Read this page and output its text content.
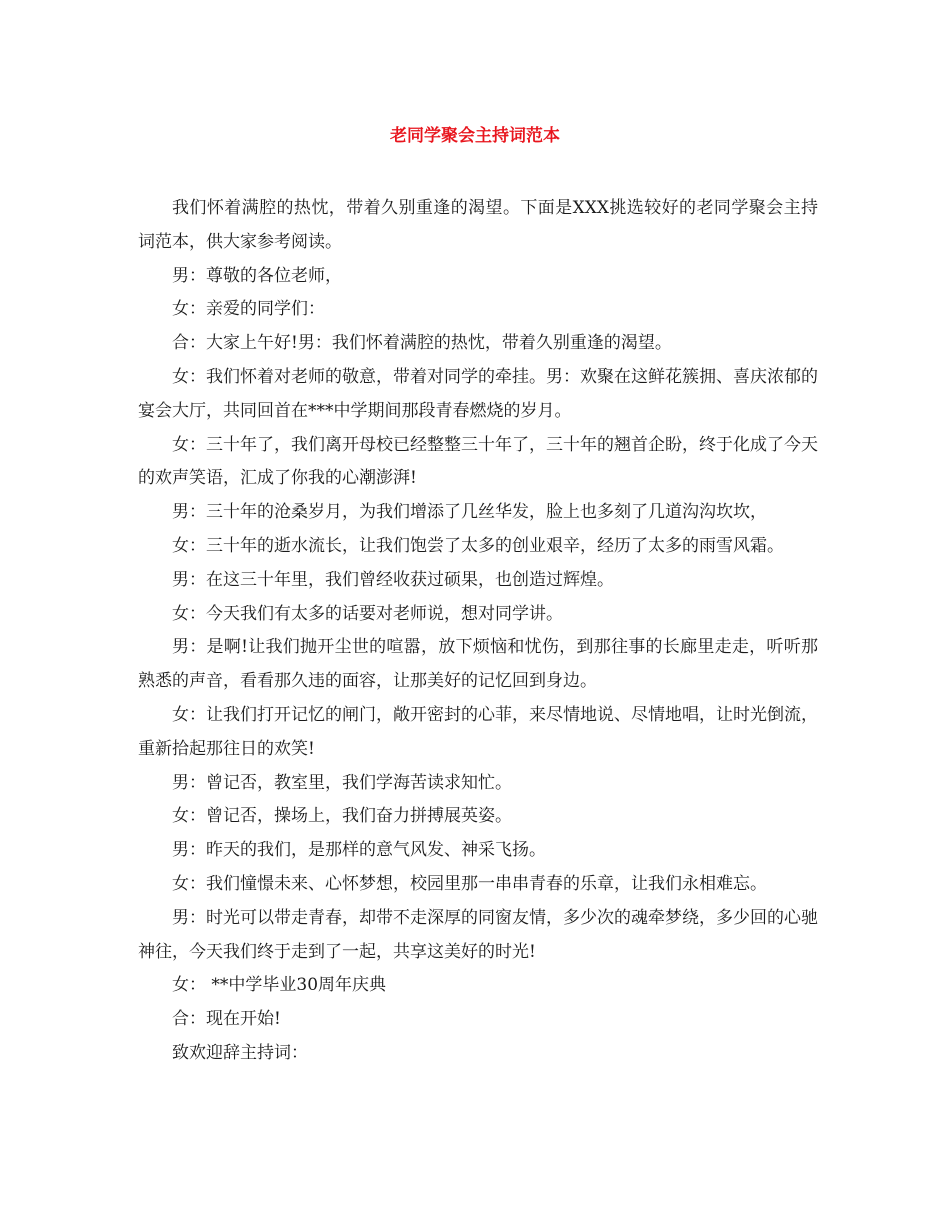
老同学聚会主持词范本

我们怀着满腔的热忱，带着久别重逢的渴望。下面是XXX挑选较好的老同学聚会主持词范本，供大家参考阅读。

男：尊敬的各位老师，

女：亲爱的同学们：

合：大家上午好!男：我们怀着满腔的热忱，带着久别重逢的渴望。

女：我们怀着对老师的敬意，带着对同学的牵挂。男：欢聚在这鲜花簇拥、喜庆浓郁的宴会大厅，共同回首在***中学期间那段青春燃烧的岁月。

女：三十年了，我们离开母校已经整整三十年了，三十年的翘首企盼，终于化成了今天的欢声笑语，汇成了你我的心潮澎湃!

男：三十年的沧桑岁月，为我们增添了几丝华发，脸上也多刻了几道沟沟坎坎，

女：三十年的逝水流长，让我们饱尝了太多的创业艰辛，经历了太多的雨雪风霜。

男：在这三十年里，我们曾经收获过硕果，也创造过辉煌。

女：今天我们有太多的话要对老师说，想对同学讲。

男：是啊!让我们抛开尘世的喧嚣，放下烦恼和忧伤，到那往事的长廊里走走，听听那熟悉的声音，看看那久违的面容，让那美好的记忆回到身边。

女：让我们打开记忆的闸门，敞开密封的心菲，来尽情地说、尽情地唱，让时光倒流，重新拾起那往日的欢笑!

男：曾记否，教室里，我们学海苦读求知忙。

女：曾记否，操场上，我们奋力拼搏展英姿。

男：昨天的我们，是那样的意气风发、神采飞扬。

女：我们憧憬未来、心怀梦想，校园里那一串串青春的乐章，让我们永相难忘。

男：时光可以带走青春，却带不走深厚的同窗友情，多少次的魂牵梦绕，多少回的心驰神往，今天我们终于走到了一起，共享这美好的时光!

女： **中学毕业30周年庆典

合：现在开始!

致欢迎辞主持词：
